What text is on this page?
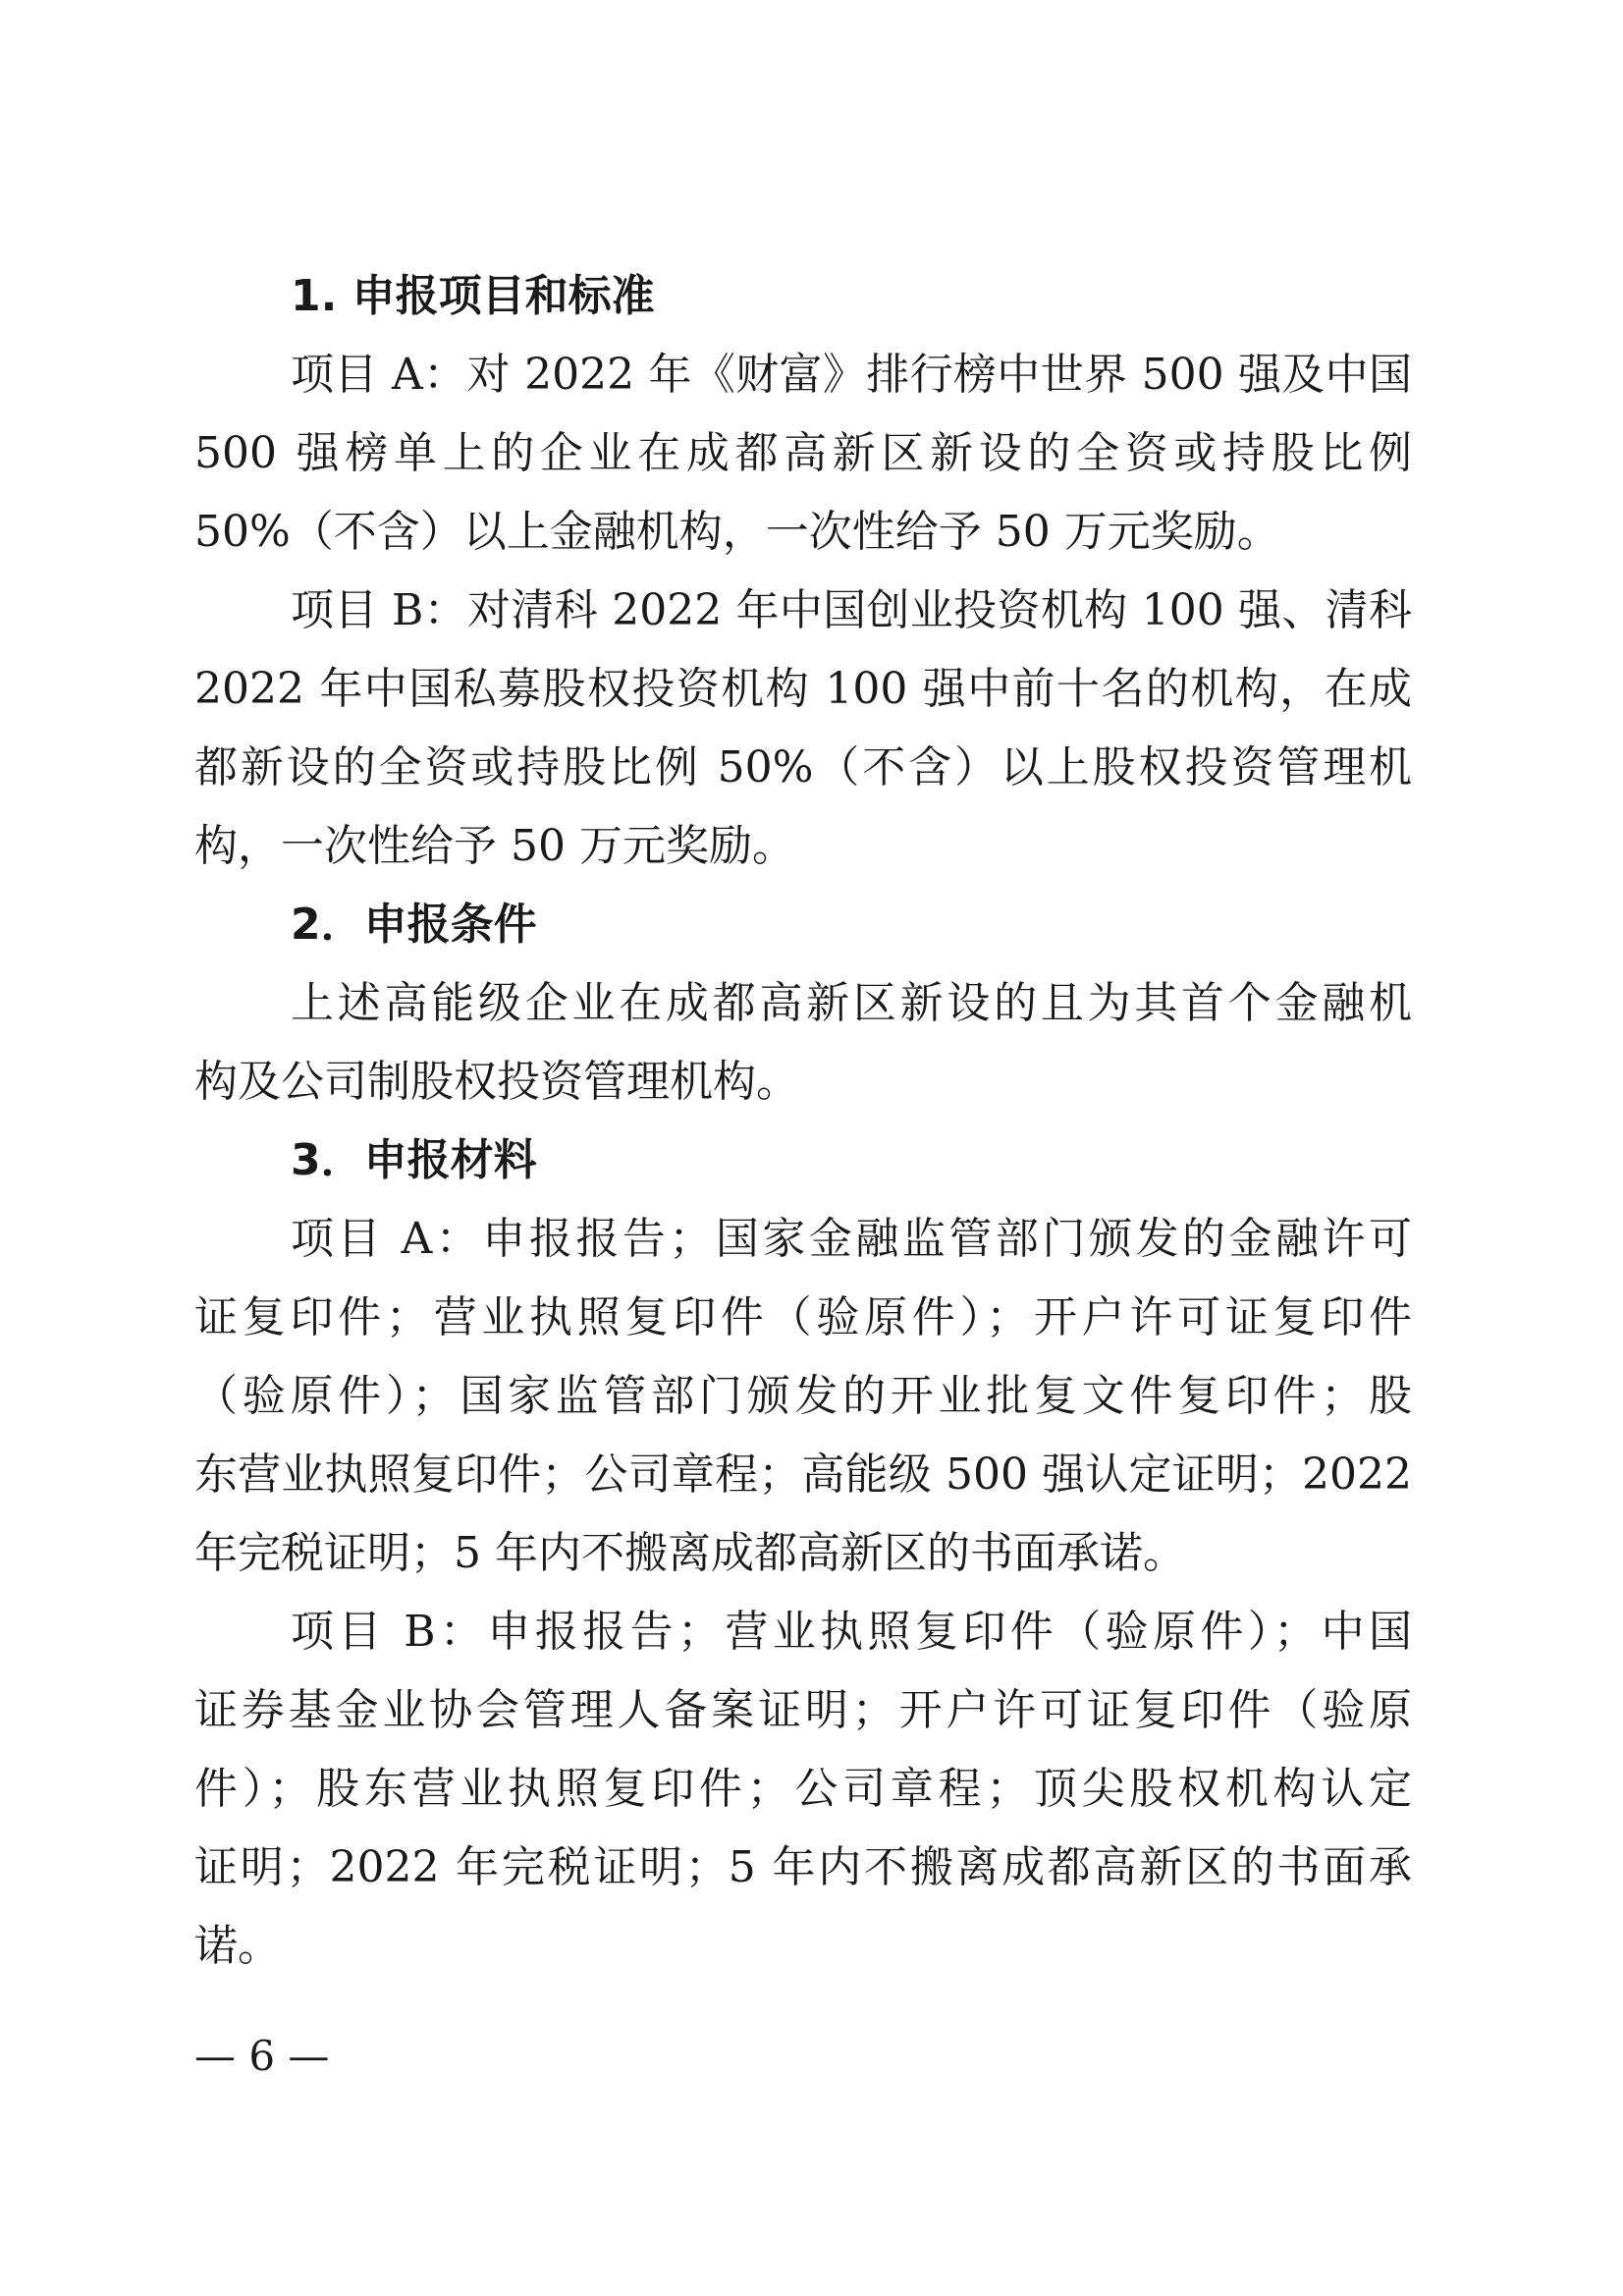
1. 申报项目和标准
项目 A：对 2022 年《财富》排行榜中世界 500 强及中国
500 强榜单上的企业在成都高新区新设的全资或持股比例
50%（不含）以上金融机构，一次性给予 50 万元奖励。
项目 B：对清科 2022 年中国创业投资机构 100 强、清科
2022 年中国私募股权投资机构 100 强中前十名的机构，在成
都新设的全资或持股比例 50%（不含）以上股权投资管理机
构，一次性给予 50 万元奖励。
2．申报条件
上述高能级企业在成都高新区新设的且为其首个金融机
构及公司制股权投资管理机构。
3．申报材料
项目 A：申报报告；国家金融监管部门颁发的金融许可
证复印件；营业执照复印件（验原件）；开户许可证复印件
（验原件）；国家监管部门颁发的开业批复文件复印件；股
东营业执照复印件；公司章程；高能级 500 强认定证明；2022
年完税证明；5 年内不搬离成都高新区的书面承诺。
项目 B：申报报告；营业执照复印件（验原件）；中国
证券基金业协会管理人备案证明；开户许可证复印件（验原
件）；股东营业执照复印件；公司章程；顶尖股权机构认定
证明；2022 年完税证明；5 年内不搬离成都高新区的书面承
诺。
— 6 —
